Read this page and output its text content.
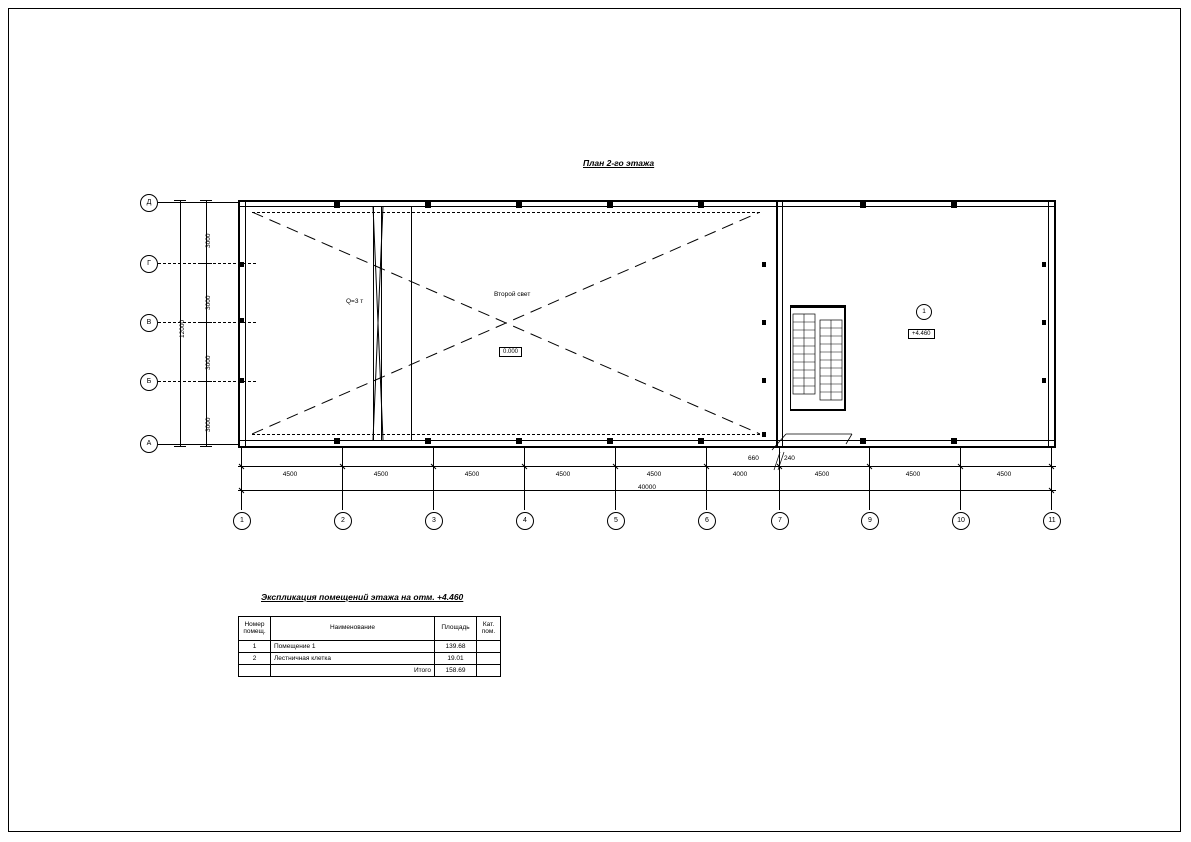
План 2-го этажа
Экспликация помещений этажа на отм. +4.460
Q=3 т
Второй свет
0.000
1
+4.460
Д
Г
В
Б
А
3000
3000
3000
3000
12000
4500	4500	4500	4500	4500	4000	4500	4500	4500
660	240
40000
1	2	3	4	5	6	7	9	10	11
Номер помещ.	Наименование	Площадь	Кат. пом.
1	Помещение 1	139.68	
2	Лестничная клетка	19.01	
	Итого	158.69	
